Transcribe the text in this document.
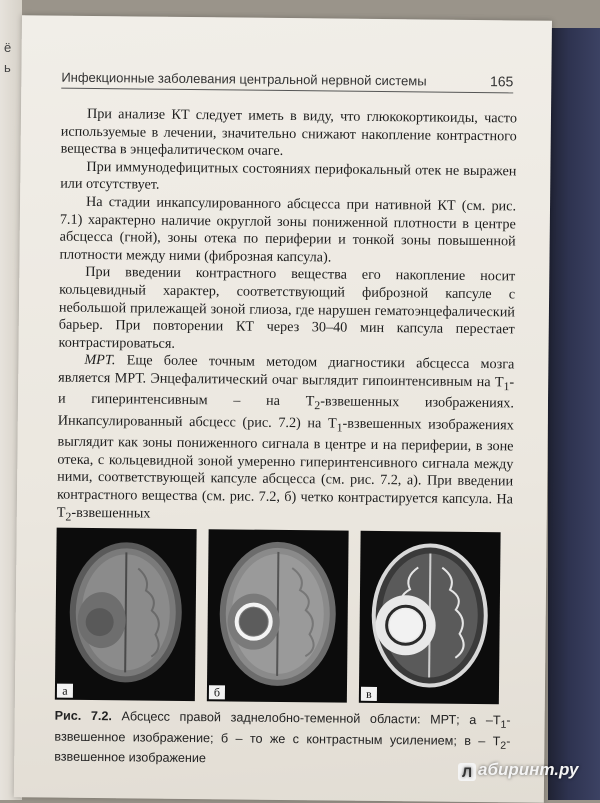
ё
ь
Инфекционные заболевания центральной нервной системы	165

При анализе КТ следует иметь в виду, что глюкокортикоиды, часто используемые в лечении, значительно снижают накопление контрастного вещества в энцефалитическом очаге.

При иммунодефицитных состояниях перифокальный отек не выражен или отсутствует.

На стадии инкапсулированного абсцесса при нативной КТ (см. рис. 7.1) характерно наличие округлой зоны пониженной плотности в центре абсцесса (гной), зоны отека по периферии и тонкой зоны повышенной плотности между ними (фиброзная капсула).

При введении контрастного вещества его накопление носит кольцевидный характер, соответствующий фиброзной капсуле с небольшой прилежащей зоной глиоза, где нарушен гематоэнцефалический барьер. При повторении КТ через 30–40 мин капсула перестает контрастироваться.

МРТ. Еще более точным методом диагностики абсцесса мозга является МРТ. Энцефалитический очаг выглядит гипоинтенсивным на $T_1-$ и гиперинтенсивным – на $T_2$-взвешенных изображениях. Инкапсулированный абсцесс (рис. 7.2) на $T_1$-взвешенных изображениях выглядит как зоны пониженного сигнала в центре и на периферии, в зоне отека, с кольцевидной зоной умеренно гиперинтенсивного сигнала между ними, соответствующей капсуле абсцесса (см. рис. 7.2, а). При введении контрастного вещества (см. рис. 7.2, б) четко контрастируется капсула. На $T_2$-взвешенных

а	б	в
Рис. 7.2. Абсцесс правой заднелобно-теменной области: МРТ; а $-T_1$-взвешенное изображение; б – то же с контрастным усилением; в – $T_2$-взвешенное изображение
Л абиринт.ру
